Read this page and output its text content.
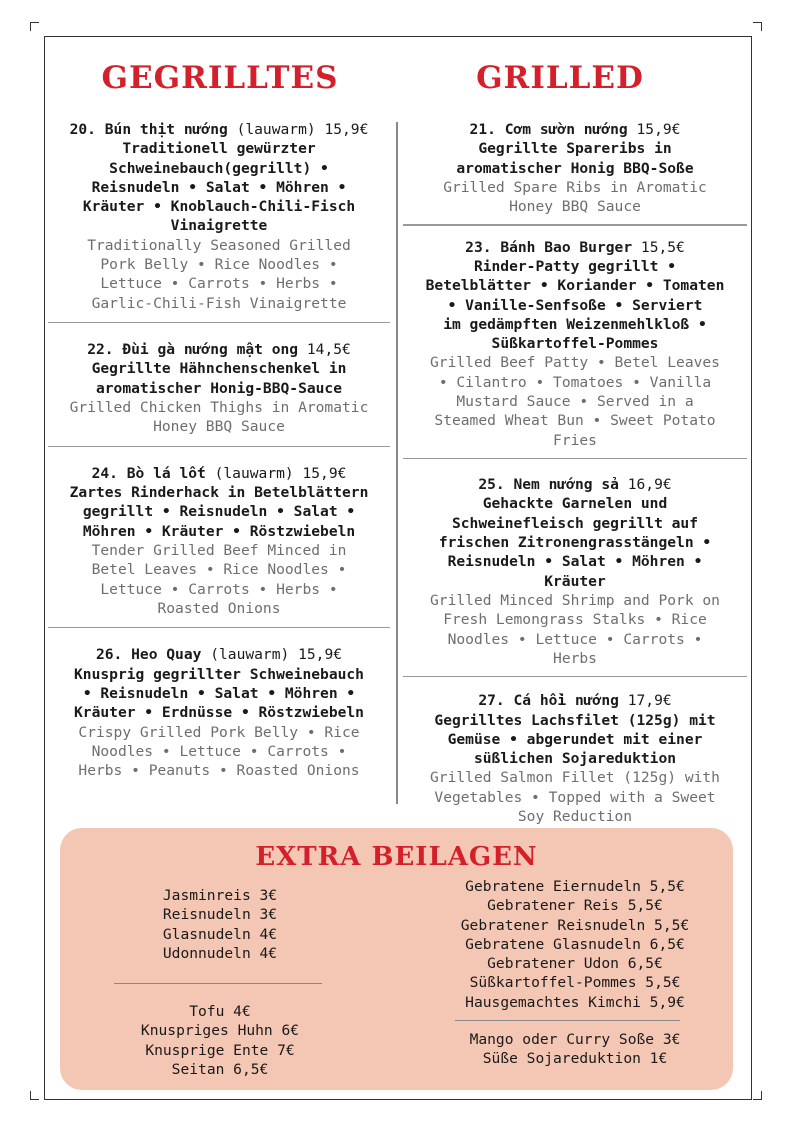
GEGRILLTES	GRILLED
20. Bún thịt nướng (lauwarm) 15,9€
Traditionell gewürzter
Schweinebauch(gegrillt) •
Reisnudeln • Salat • Möhren •
Kräuter • Knoblauch-Chili-Fisch
Vinaigrette
Traditionally Seasoned Grilled
Pork Belly • Rice Noodles •
Lettuce • Carrots • Herbs •
Garlic-Chili-Fish Vinaigrette
22. Đùi gà nướng mật ong 14,5€
Gegrillte Hähnchenschenkel in
aromatischer Honig-BBQ-Sauce
Grilled Chicken Thighs in Aromatic
Honey BBQ Sauce
24. Bò lá lốt (lauwarm) 15,9€
Zartes Rinderhack in Betelblättern
gegrillt • Reisnudeln • Salat •
Möhren • Kräuter • Röstzwiebeln
Tender Grilled Beef Minced in
Betel Leaves • Rice Noodles •
Lettuce • Carrots • Herbs •
Roasted Onions
26. Heo Quay (lauwarm) 15,9€
Knusprig gegrillter Schweinebauch
• Reisnudeln • Salat • Möhren •
Kräuter • Erdnüsse • Röstzwiebeln
Crispy Grilled Pork Belly • Rice
Noodles • Lettuce • Carrots •
Herbs • Peanuts • Roasted Onions
21. Cơm sườn nướng 15,9€
Gegrillte Spareribs in
aromatischer Honig BBQ-Soße
Grilled Spare Ribs in Aromatic
Honey BBQ Sauce
23. Bánh Bao Burger 15,5€
Rinder-Patty gegrillt •
Betelblätter • Koriander • Tomaten
• Vanille-Senfsoße • Serviert
im gedämpften Weizenmehlkloß •
Süßkartoffel-Pommes
Grilled Beef Patty • Betel Leaves
• Cilantro • Tomatoes • Vanilla
Mustard Sauce • Served in a
Steamed Wheat Bun • Sweet Potato
Fries
25. Nem nướng sả 16,9€
Gehackte Garnelen und
Schweinefleisch gegrillt auf
frischen Zitronengrasstängeln •
Reisnudeln • Salat • Möhren •
Kräuter
Grilled Minced Shrimp and Pork on
Fresh Lemongrass Stalks • Rice
Noodles • Lettuce • Carrots •
Herbs
27. Cá hồi nướng 17,9€
Gegrilltes Lachsfilet (125g) mit
Gemüse • abgerundet mit einer
süßlichen Sojareduktion
Grilled Salmon Fillet (125g) with
Vegetables • Topped with a Sweet
Soy Reduction
EXTRA BEILAGEN
Jasminreis 3€
Reisnudeln 3€
Glasnudeln 4€
Udonnudeln 4€
Tofu 4€
Knuspriges Huhn 6€
Knusprige Ente 7€
Seitan 6,5€
Gebratene Eiernudeln 5,5€
Gebratener Reis 5,5€
Gebratener Reisnudeln 5,5€
Gebratene Glasnudeln 6,5€
Gebratener Udon 6,5€
Süßkartoffel-Pommes 5,5€
Hausgemachtes Kimchi 5,9€
Mango oder Curry Soße 3€
Süße Sojareduktion 1€
